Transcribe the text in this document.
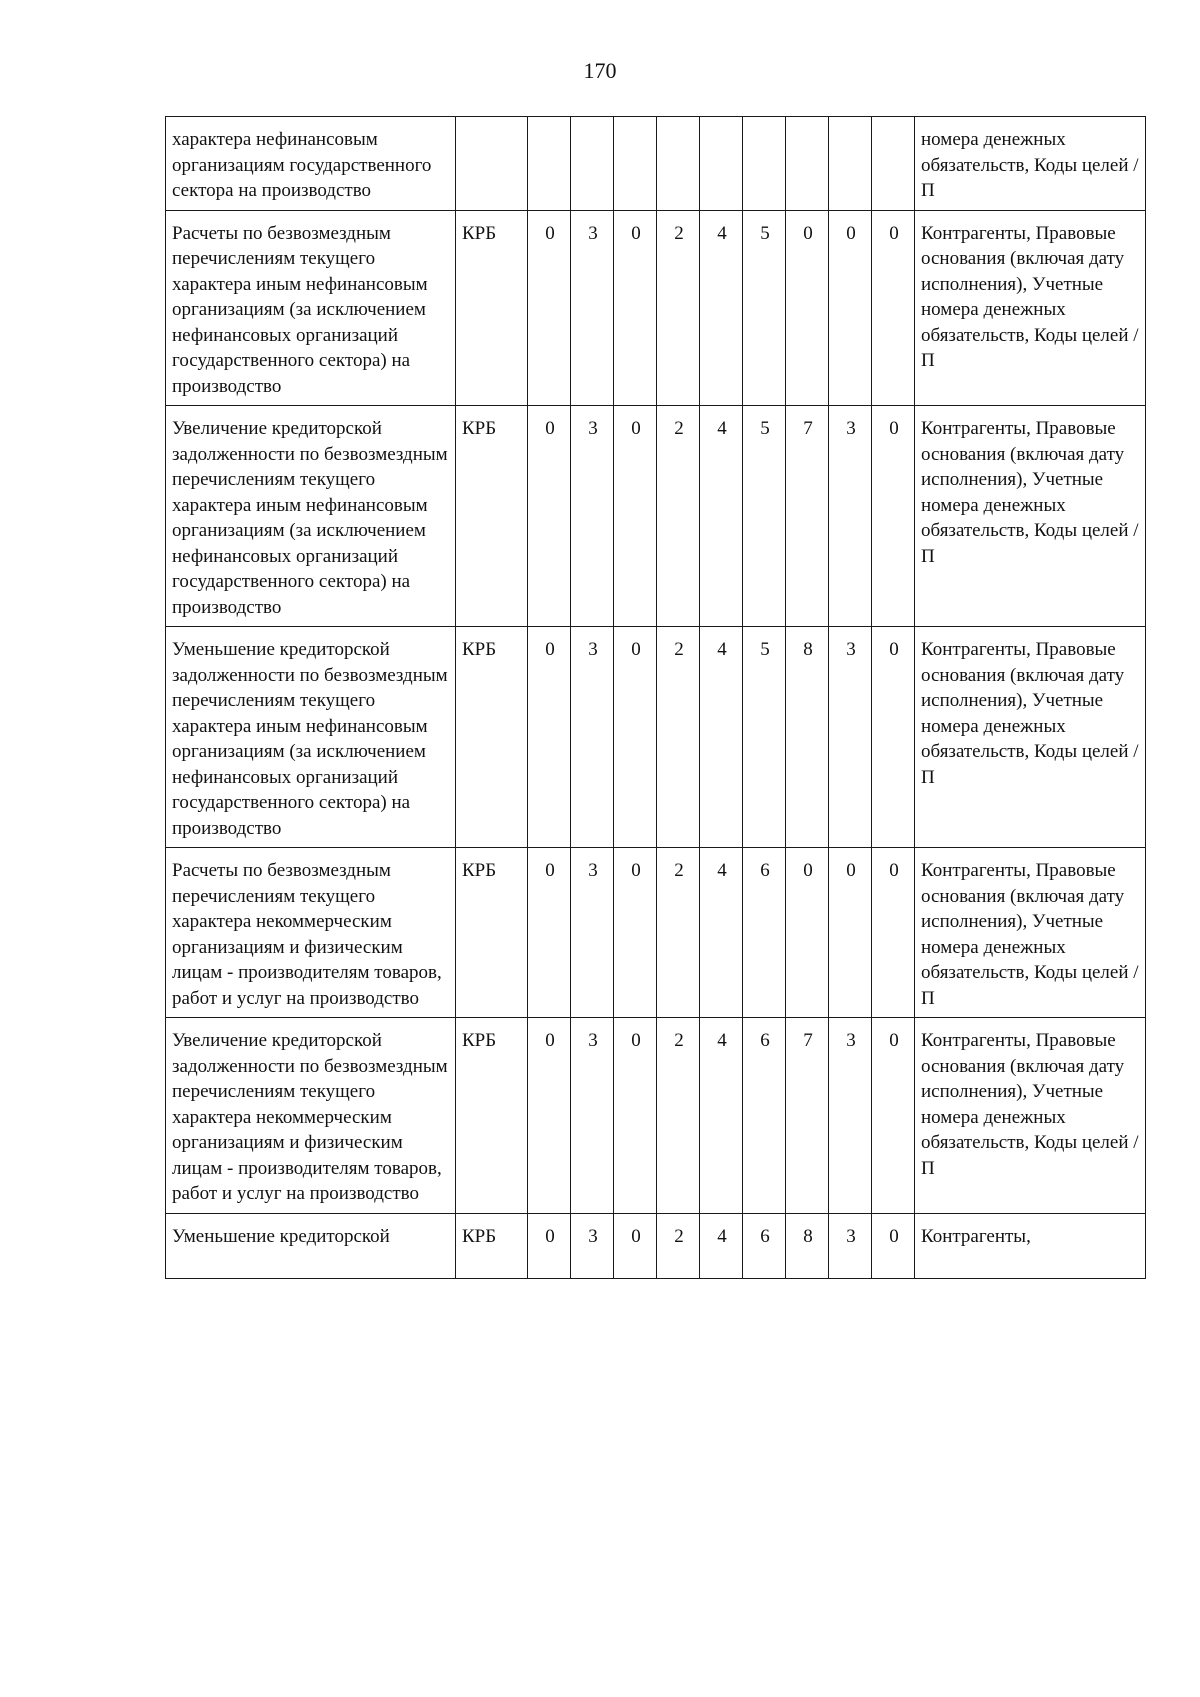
170
характера нефинансовым организациям государственного сектора на производство											номера денежных обязательств, Коды целей / П
Расчеты по безвозмездным перечислениям текущего характера иным нефинансовым организациям (за исключением нефинансовых организаций государственного сектора) на производство	КРБ	0	3	0	2	4	5	0	0	0	Контрагенты, Правовые основания (включая дату исполнения), Учетные номера денежных обязательств, Коды целей / П
Увеличение кредиторской задолженности по безвозмездным перечислениям текущего характера иным нефинансовым организациям (за исключением нефинансовых организаций государственного сектора) на производство	КРБ	0	3	0	2	4	5	7	3	0	Контрагенты, Правовые основания (включая дату исполнения), Учетные номера денежных обязательств, Коды целей / П
Уменьшение кредиторской задолженности по безвозмездным перечислениям текущего характера иным нефинансовым организациям (за исключением нефинансовых организаций государственного сектора) на производство	КРБ	0	3	0	2	4	5	8	3	0	Контрагенты, Правовые основания (включая дату исполнения), Учетные номера денежных обязательств, Коды целей / П
Расчеты по безвозмездным перечислениям текущего характера некоммерческим организациям и физическим лицам - производителям товаров, работ и услуг на производство	КРБ	0	3	0	2	4	6	0	0	0	Контрагенты, Правовые основания (включая дату исполнения), Учетные номера денежных обязательств, Коды целей / П
Увеличение кредиторской задолженности по безвозмездным перечислениям текущего характера некоммерческим организациям и физическим лицам - производителям товаров, работ и услуг на производство	КРБ	0	3	0	2	4	6	7	3	0	Контрагенты, Правовые основания (включая дату исполнения), Учетные номера денежных обязательств, Коды целей / П
Уменьшение кредиторской	КРБ	0	3	0	2	4	6	8	3	0	Контрагенты,
